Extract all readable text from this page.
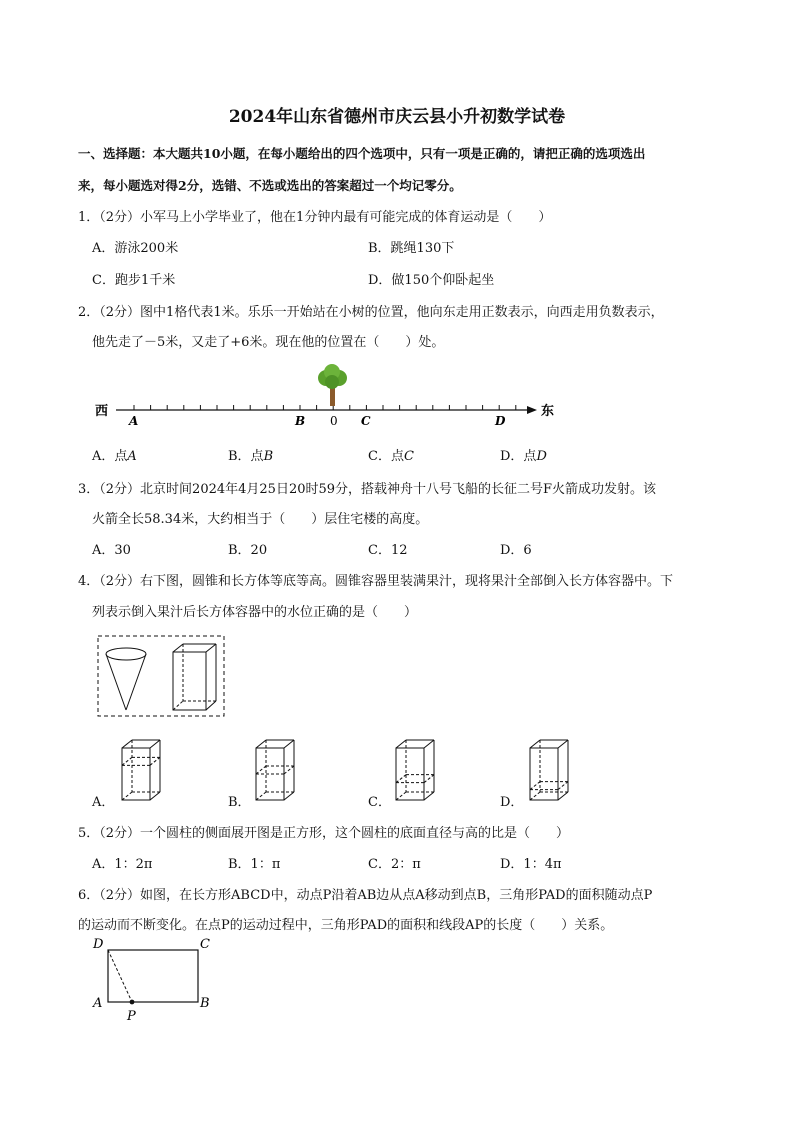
2024年山东省德州市庆云县小升初数学试卷
一、选择题：本大题共10小题，在每小题给出的四个选项中，只有一项是正确的，请把正确的选项选出
来，每小题选对得2分，选错、不选或选出的答案超过一个均记零分。
1．（2分）小军马上小学毕业了，他在1分钟内最有可能完成的体育运动是（　　）
A．游泳200米	B．跳绳130下
C．跑步1千米	D．做150个仰卧起坐
2．（2分）图中1格代表1米。乐乐一开始站在小树的位置，他向东走用正数表示，向西走用负数表示，
他先走了－5米，又走了+6米。现在他的位置在（　　）处。
西	东
A	B 0 C	D
A．点A	B．点B	C．点C	D．点D
3．（2分）北京时间2024年4月25日20时59分，搭载神舟十八号飞船的长征二号F火箭成功发射。该
火箭全长58.34米，大约相当于（　　）层住宅楼的高度。
A．30	B．20	C．12	D．6
4．（2分）右下图，圆锥和长方体等底等高。圆锥容器里装满果汁，现将果汁全部倒入长方体容器中。下
列表示倒入果汁后长方体容器中的水位正确的是（　　）
A．	B．	C．	D．
5．（2分）一个圆柱的侧面展开图是正方形，这个圆柱的底面直径与高的比是（　　）
A．1：2π	B．1：π	C．2：π	D．1：4π
6．（2分）如图，在长方形ABCD中，动点P沿着AB边从点A移动到点B，三角形PAD的面积随动点P
的运动而不断变化。在点P的运动过程中，三角形PAD的面积和线段AP的长度（　　）关系。
D	C
A	B
P
